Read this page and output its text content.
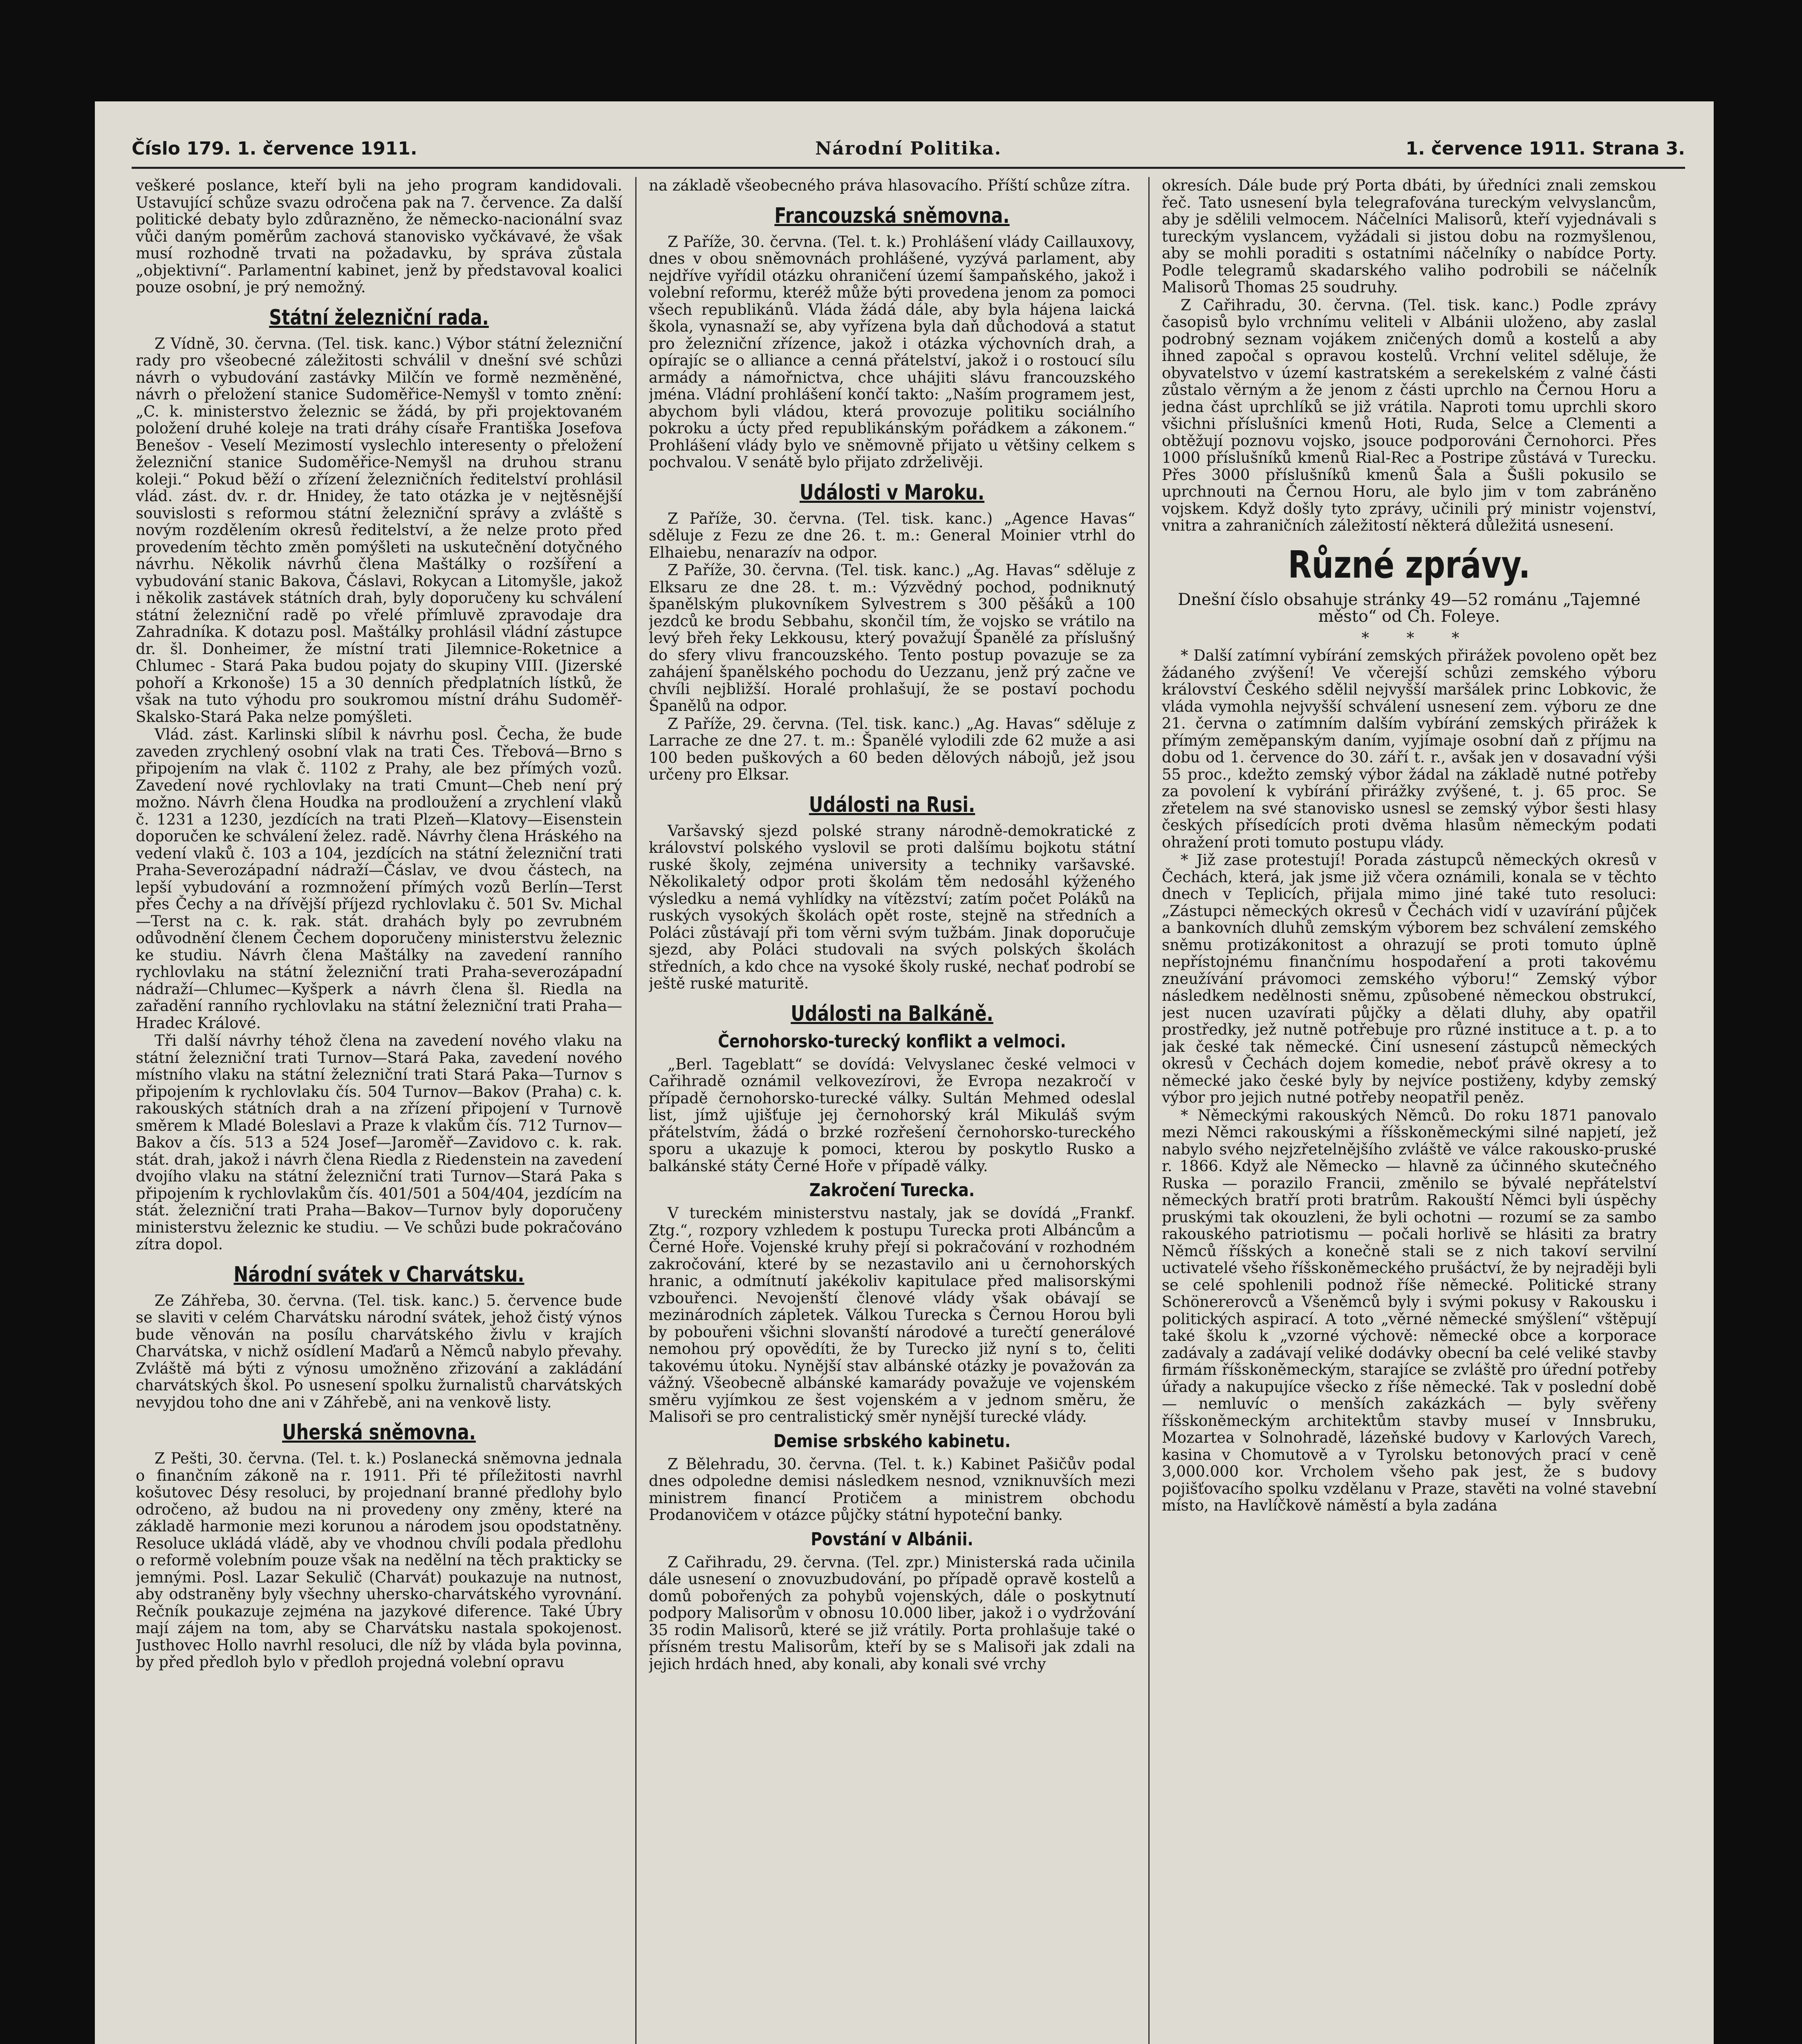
Číslo 179. 1. července 1911.	Národní Politika.	1. července 1911. Strana 3.

veškeré poslance, kteří byli na jeho program kandidovali. Ustavující schůze svazu odročena pak na 7. července. Za další politické debaty bylo zdůrazněno, že německo-nacionální svaz vůči daným poměrům zachová stanovisko vyčkávavé, že však musí rozhodně trvati na požadavku, by správa zůstala „objektivní“. Parlamentní kabinet, jenž by představoval koalici pouze osobní, je prý nemožný.

Státní železniční rada.

Z Vídně, 30. června. (Tel. tisk. kanc.) Výbor státní železniční rady pro všeobecné záležitosti schválil v dnešní své schůzi návrh o vybudování zastávky Milčín ve formě nezměněné, návrh o přeložení stanice Sudoměřice-Nemyšl v tomto znění: „C. k. ministerstvo železnic se žádá, by při projektovaném položení druhé koleje na trati dráhy císaře Františka Josefova Benešov - Veselí Mezimostí vyslechlo interesenty o přeložení železniční stanice Sudoměřice-Nemyšl na druhou stranu koleji.“ Pokud běží o zřízení železničních ředitelství prohlásil vlád. zást. dv. r. dr. Hnidey, že tato otázka je v nejtěsnější souvislosti s reformou státní železniční správy a zvláště s novým rozdělením okresů ředitelství, a že nelze proto před provedením těchto změn pomýšleti na uskutečnění dotyčného návrhu. Několik návrhů člena Maštálky o rozšíření a vybudování stanic Bakova, Čáslavi, Rokycan a Litomyšle, jakož i několik zastávek státních drah, byly doporučeny ku schválení státní železniční radě po vřelé přímluvě zpravodaje dra Zahradníka. K dotazu posl. Maštálky prohlásil vládní zástupce dr. šl. Donheimer, že místní trati Jilemnice-Roketnice a Chlumec - Stará Paka budou pojaty do skupiny VIII. (Jizerské pohoří a Krkonoše) 15 a 30 denních předplatních lístků, že však na tuto výhodu pro soukromou místní dráhu Sudoměř-Skalsko-Stará Paka nelze pomýšleti.

Vlád. zást. Karlinski slíbil k návrhu posl. Čecha, že bude zaveden zrychlený osobní vlak na trati Čes. Třebová—Brno s připojením na vlak č. 1102 z Prahy, ale bez přímých vozů. Zavedení nové rychlovlaky na trati Cmunt—Cheb není prý možno. Návrh člena Houdka na prodloužení a zrychlení vlaků č. 1231 a 1230, jezdících na trati Plzeň—Klatovy—Eisenstein doporučen ke schválení želez. radě. Návrhy člena Hráského na vedení vlaků č. 103 a 104, jezdících na státní železniční trati Praha-Severozápadní nádraží—Čáslav, ve dvou částech, na lepší vybudování a rozmnožení přímých vozů Berlín—Terst přes Čechy a na dřívější příjezd rychlovlaku č. 501 Sv. Michal—Terst na c. k. rak. stát. drahách byly po zevrubném odůvodnění členem Čechem doporučeny ministerstvu železnic ke studiu. Návrh člena Maštálky na zavedení ranního rychlovlaku na státní železniční trati Praha-severozápadní nádraží—Chlumec—Kyšperk a návrh člena šl. Riedla na zařadění ranního rychlovlaku na státní železniční trati Praha—Hradec Králové.

Tři další návrhy téhož člena na zavedení nového vlaku na státní železniční trati Turnov—Stará Paka, zavedení nového místního vlaku na státní železniční trati Stará Paka—Turnov s připojením k rychlovlaku čís. 504 Turnov—Bakov (Praha) c. k. rakouských státních drah a na zřízení připojení v Turnově směrem k Mladé Boleslavi a Praze k vlakům čís. 712 Turnov—Bakov a čís. 513 a 524 Josef—Jaroměř—Zavidovo c. k. rak. stát. drah, jakož i návrh člena Riedla z Riedenstein na zavedení dvojího vlaku na státní železniční trati Turnov—Stará Paka s připojením k rychlovlakům čís. 401/501 a 504/404, jezdícím na stát. železniční trati Praha—Bakov—Turnov byly doporučeny ministerstvu železnic ke studiu. — Ve schůzi bude pokračováno zítra dopol.

Národní svátek v Charvátsku.

Ze Záhřeba, 30. června. (Tel. tisk. kanc.) 5. července bude se slaviti v celém Charvátsku národní svátek, jehož čistý výnos bude věnován na posílu charvátského živlu v krajích Charvátska, v nichž osídlení Maďarů a Němců nabylo převahy. Zvláště má býti z výnosu umožněno zřizování a zakládání charvátských škol. Po usnesení spolku žurnalistů charvátských nevyjdou toho dne ani v Záhřebě, ani na venkově listy.

Uherská sněmovna.

Z Pešti, 30. června. (Tel. t. k.) Poslanecká sněmovna jednala o finančním zákoně na r. 1911. Při té příležitosti navrhl košutovec Désy resoluci, by projednaní branné předlohy bylo odročeno, až budou na ni provedeny ony změny, které na základě harmonie mezi korunou a národem jsou opodstatněny. Resoluce ukládá vládě, aby ve vhodnou chvíli podala předlohu o reformě volebním pouze však na nedělní na těch prakticky se jemnými. Posl. Lazar Sekulič (Charvát) poukazuje na nutnost, aby odstraněny byly všechny uhersko-charvátského vyrovnání. Rečník poukazuje zejména na jazykové diference. Také Úbry mají zájem na tom, aby se Charvátsku nastala spokojenost. Justhovec Hollo navrhl resoluci, dle níž by vláda byla povinna, by před předloh bylo v předloh projedná volební opravu

na základě všeobecného práva hlasovacího. Příští schůze zítra.

Francouzská sněmovna.

Z Paříže, 30. června. (Tel. t. k.) Prohlášení vlády Caillauxovy, dnes v obou sněmovnách prohlášené, vyzývá parlament, aby nejdříve vyřídil otázku ohraničení území šampaňského, jakož i volební reformu, kteréž může býti provedena jenom za pomoci všech republikánů. Vláda žádá dále, aby byla hájena laická škola, vynasnaží se, aby vyřízena byla daň důchodová a statut pro železniční zřízence, jakož i otázka výchovních drah, a opírajíc se o alliance a cenná přátelství, jakož i o rostoucí sílu armády a námořnictva, chce uhájiti slávu francouzského jména. Vládní prohlášení končí takto: „Naším programem jest, abychom byli vládou, která provozuje politiku sociálního pokroku a úcty před republikánským pořádkem a zákonem.“ Prohlášení vlády bylo ve sněmovně přijato u většiny celkem s pochvalou. V senátě bylo přijato zdrželivěji.

Události v Maroku.

Z Paříže, 30. června. (Tel. tisk. kanc.) „Agence Havas“ sděluje z Fezu ze dne 26. t. m.: General Moinier vtrhl do Elhaiebu, nenarazív na odpor.

Z Paříže, 30. června. (Tel. tisk. kanc.) „Ag. Havas“ sděluje z Elksaru ze dne 28. t. m.: Výzvědný pochod, podniknutý španělským plukovníkem Sylvestrem s 300 pěšáků a 100 jezdců ke brodu Sebbahu, skončil tím, že vojsko se vrátilo na levý břeh řeky Lekkousu, který považují Španělé za příslušný do sfery vlivu francouzského. Tento postup povazuje se za zahájení španělského pochodu do Uezzanu, jenž prý začne ve chvíli nejbližší. Horalé prohlašují, že se postaví pochodu Španělů na odpor.

Z Paříže, 29. června. (Tel. tisk. kanc.) „Ag. Havas“ sděluje z Larrache ze dne 27. t. m.: Španělé vylodili zde 62 muže a asi 100 beden puškových a 60 beden dělových nábojů, jež jsou určeny pro Elksar.

Události na Rusi.

Varšavský sjezd polské strany národně-demokratické z království polského vyslovil se proti dalšímu bojkotu státní ruské školy, zejména university a techniky varšavské. Několikaletý odpor proti školám těm nedosáhl kýženého výsledku a nemá vyhlídky na vítězství; zatím počet Poláků na ruských vysokých školách opět roste, stejně na středních a Poláci zůstávají při tom věrni svým tužbám. Jinak doporučuje sjezd, aby Poláci studovali na svých polských školách středních, a kdo chce na vysoké školy ruské, nechať podrobí se ještě ruské maturitě.

Události na Balkáně.
Černohorsko-turecký konflikt a velmoci.

„Berl. Tageblatt“ se dovídá: Velvyslanec české velmoci v Cařihradě oznámil velkovezírovi, že Evropa nezakročí v případě černohorsko-turecké války. Sultán Mehmed odeslal list, jímž ujišťuje jej černohorský král Mikuláš svým přátelstvím, žádá o brzké rozřešení černohorsko-tureckého sporu a ukazuje k pomoci, kterou by poskytlo Rusko a balkánské státy Černé Hoře v případě války.

Zakročení Turecka.

V tureckém ministerstvu nastaly, jak se dovídá „Frankf. Ztg.“, rozpory vzhledem k postupu Turecka proti Albáncům a Černé Hoře. Vojenské kruhy přejí si pokračování v rozhodném zakročování, které by se nezastavilo ani u černohorských hranic, a odmítnutí jakékoliv kapitulace před malisorskými vzbouřenci. Nevojenští členové vlády však obávají se mezinárodních zápletek. Válkou Turecka s Černou Horou byli by pobouřeni všichni slovanští národové a turečtí generálové nemohou prý opovědíti, že by Turecko již nyní s to, čeliti takovému útoku. Nynější stav albánské otázky je považován za vážný. Všeobecně albánské kamarády považuje ve vojenském směru vyjímkou ze šest vojenském a v jednom směru, že Malisoři se pro centralistický směr nynější turecké vlády.

Demise srbského kabinetu.

Z Bělehradu, 30. června. (Tel. t. k.) Kabinet Pašičův podal dnes odpoledne demisi následkem nesnod, vzniknuvších mezi ministrem financí Protičem a ministrem obchodu Prodanovičem v otázce půjčky státní hypoteční banky.

Povstání v Albánii.

Z Cařihradu, 29. června. (Tel. zpr.) Ministerská rada učinila dále usnesení o znovuzbudování, po případě opravě kostelů a domů pobořených za pohybů vojenských, dále o poskytnutí podpory Malisorům v obnosu 10.000 liber, jakož i o vydržování 35 rodin Malisorů, které se již vrátily. Porta prohlašuje také o přísném trestu Malisorům, kteří by se s Malisoři jak zdali na jejich hrdách hned, aby konali, aby konali své vrchy

okresích. Dále bude prý Porta dbáti, by úředníci znali zemskou řeč. Tato usnesení byla telegrafována tureckým velvyslancům, aby je sdělili velmocem. Náčelníci Malisorů, kteří vyjednávali s tureckým vyslancem, vyžádali si jistou dobu na rozmyšlenou, aby se mohli poraditi s ostatními náčelníky o nabídce Porty. Podle telegramů skadarského valiho podrobili se náčelník Malisorů Thomas 25 soudruhy.

Z Cařihradu, 30. června. (Tel. tisk. kanc.) Podle zprávy časopisů bylo vrchnímu veliteli v Albánii uloženo, aby zaslal podrobný seznam vojákem zničených domů a kostelů a aby ihned započal s opravou kostelů. Vrchní velitel sděluje, že obyvatelstvo v území kastratském a serekelském z valné části zůstalo věrným a že jenom z části uprchlo na Černou Horu a jedna část uprchlíků se již vrátila. Naproti tomu uprchli skoro všichni příslušníci kmenů Hoti, Ruda, Selce a Clementi a obtěžují poznovu vojsko, jsouce podporováni Černohorci. Přes 1000 příslušníků kmenů Rial-Rec a Postripe zůstává v Turecku. Přes 3000 příslušníků kmenů Šala a Šušli pokusilo se uprchnouti na Černou Horu, ale bylo jim v tom zabráněno vojskem. Když došly tyto zprávy, učinili prý ministr vojenství, vnitra a zahraničních záležitostí některá důležitá usnesení.

Různé zprávy.

Dnešní číslo obsahuje stránky 49—52 románu „Tajemné město“ od Ch. Foleye.

* * *

* Další zatímní vybírání zemských přirážek povoleno opět bez žádaného zvýšení! Ve včerejší schůzi zemského výboru království Českého sdělil nejvyšší maršálek princ Lobkovic, že vláda vymohla nejvyšší schválení usnesení zem. výboru ze dne 21. června o zatímním dalším vybírání zemských přirážek k přímým zeměpanským daním, vyjímaje osobní daň z příjmu na dobu od 1. července do 30. září t. r., avšak jen v dosavadní výši 55 proc., kdežto zemský výbor žádal na základě nutné potřeby za povolení k vybírání přirážky zvýšené, t. j. 65 proc. Se zřetelem na své stanovisko usnesl se zemský výbor šesti hlasy českých přísedících proti dvěma hlasům německým podati ohražení proti tomuto postupu vlády.

* Již zase protestují! Porada zástupců německých okresů v Čechách, která, jak jsme již včera oznámili, konala se v těchto dnech v Teplicích, přijala mimo jiné také tuto resoluci: „Zástupci německých okresů v Čechách vidí v uzavírání půjček a bankovních dluhů zemským výborem bez schválení zemského sněmu protizákonitost a ohrazují se proti tomuto úplně nepřístojnému finančnímu hospodaření a proti takovému zneužívání právomoci zemského výboru!“ Zemský výbor následkem nedělnosti sněmu, způsobené německou obstrukcí, jest nucen uzavírati půjčky a dělati dluhy, aby opatřil prostředky, jež nutně potřebuje pro různé instituce a t. p. a to jak české tak německé. Činí usnesení zástupců německých okresů v Čechách dojem komedie, neboť právě okresy a to německé jako české byly by nejvíce postiženy, kdyby zemský výbor pro jejich nutné potřeby neopatřil peněz.

* Německými rakouských Němců. Do roku 1871 panovalo mezi Němci rakouskými a říšskoněmeckými silné napjetí, jež nabylo svého nejzřetelnějšího zvláště ve válce rakousko-pruské r. 1866. Když ale Německo — hlavně za účinného skutečného Ruska — porazilo Francii, změnilo se bývalé nepřátelství německých bratří proti bratrům. Rakouští Němci byli úspěchy pruskými tak okouzleni, že byli ochotni — rozumí se za sambo rakouského patriotismu — počali horlivě se hlásiti za bratry Němců říšských a konečně stali se z nich takoví servilní uctivatelé všeho říšskoněmeckého prušáctví, že by nejraději byli se celé spohlenili podnož říše německé. Politické strany Schönererovců a Všeněmců byly i svými pokusy v Rakousku i politických aspirací. A toto „věrné německé smýšlení“ vštěpují také školu k „vzorné výchově: německé obce a korporace zadávaly a zadávají veliké dodávky obecní ba celé veliké stavby firmám říšskoněmeckým, starajíce se zvláště pro úřední potřeby úřady a nakupujíce všecko z říše německé. Tak v poslední době — nemluvíc o menších zakázkách — byly svěřeny říšskoněmeckým architektům stavby museí v Innsbruku, Mozartea v Solnohradě, lázeňské budovy v Karlových Varech, kasina v Chomutově a v Tyrolsku betonových prací v ceně 3,000.000 kor. Vrcholem všeho pak jest, že s budovy pojišťovacího spolku vzdělanu v Praze, stavěti na volné stavební místo, na Havlíčkově náměstí a byla zadána
